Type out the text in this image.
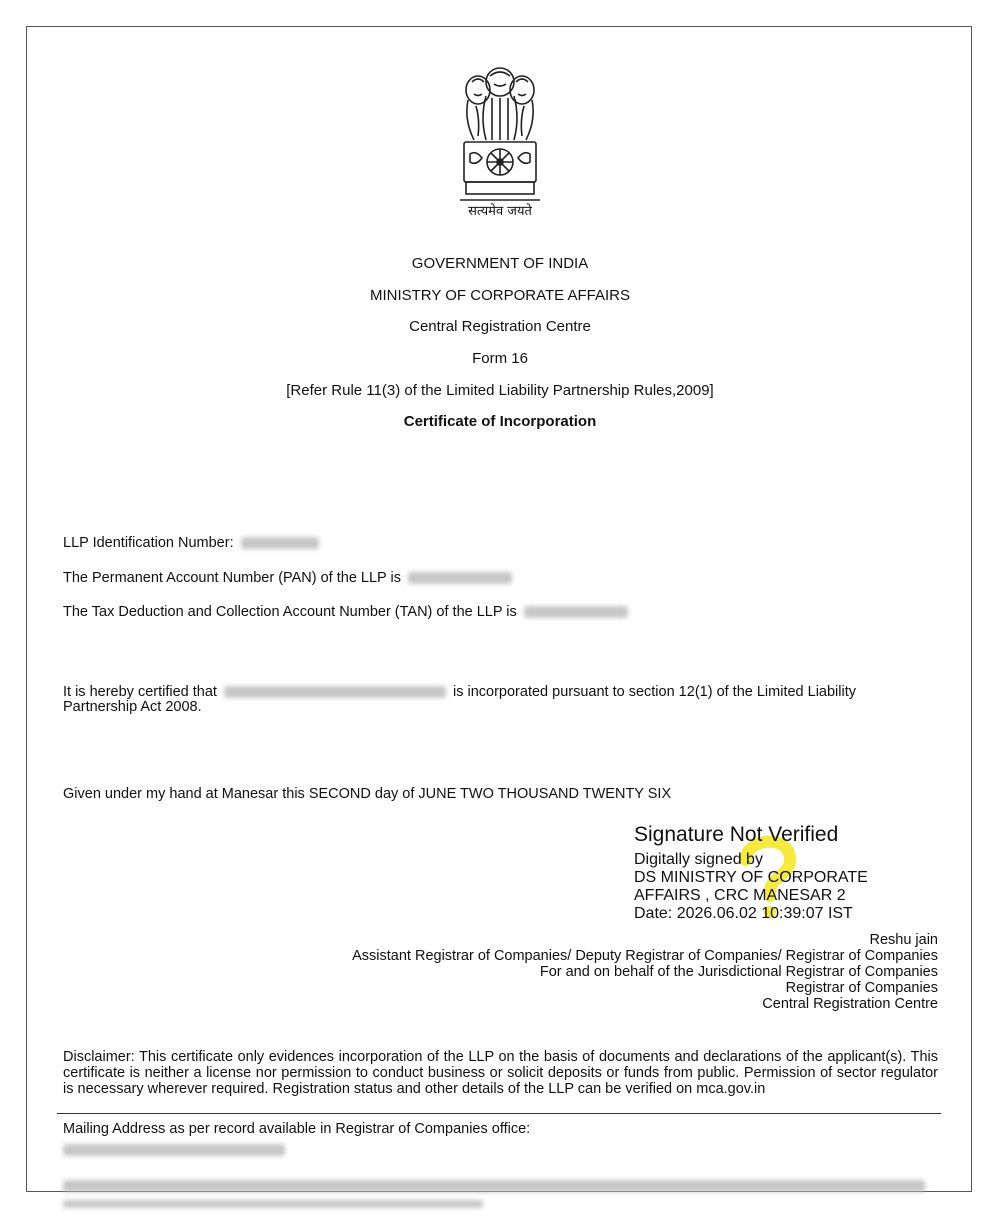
सत्यमेव जयते
GOVERNMENT OF INDIA
MINISTRY OF CORPORATE AFFAIRS
Central Registration Centre
Form 16
[Refer Rule 11(3) of the Limited Liability Partnership Rules,2009]
Certificate of Incorporation
LLP Identification Number:
The Permanent Account Number (PAN) of the LLP is
The Tax Deduction and Collection Account Number (TAN) of the LLP is
It is hereby certified that	is incorporated pursuant to section 12(1) of the Limited Liability
Partnership Act 2008.
Given under my hand at Manesar this SECOND day of JUNE TWO THOUSAND TWENTY SIX
Signature Not Verified
Digitally signed by
DS MINISTRY OF CORPORATE
AFFAIRS , CRC MANESAR 2
Date: 2026.06.02 10:39:07 IST
Reshu jain
Assistant Registrar of Companies/ Deputy Registrar of Companies/ Registrar of Companies
For and on behalf of the Jurisdictional Registrar of Companies
Registrar of Companies
Central Registration Centre
Disclaimer: This certificate only evidences incorporation of the LLP on the basis of documents and declarations of the applicant(s). This certificate is neither a license nor permission to conduct business or solicit deposits or funds from public. Permission of sector regulator is necessary wherever required. Registration status and other details of the LLP can be verified on mca.gov.in
Mailing Address as per record available in Registrar of Companies office:
